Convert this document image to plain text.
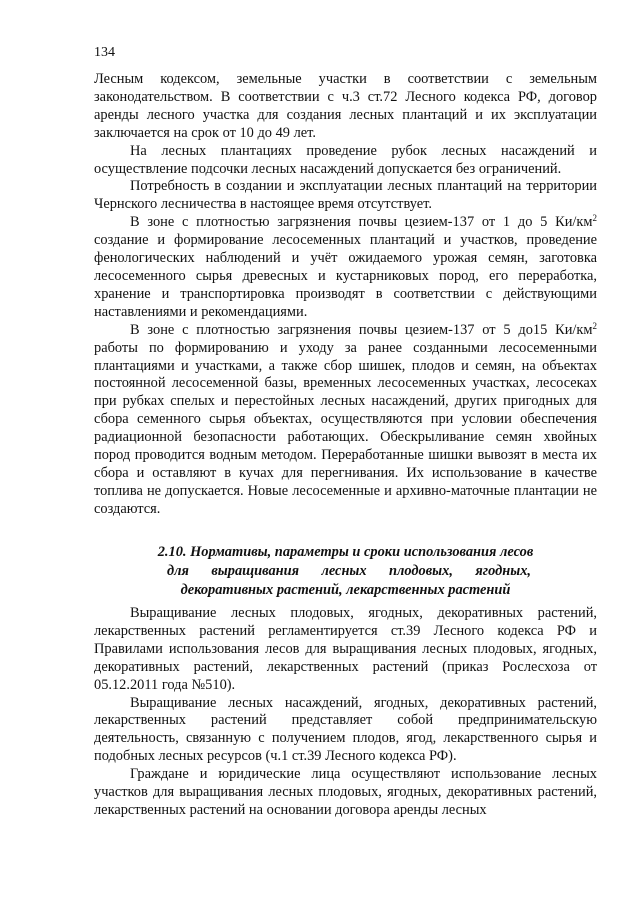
134

Лесным кодексом, земельные участки в соответствии с земельным законодательством. В соответствии с ч.3 ст.72 Лесного кодекса РФ, договор аренды лесного участка для создания лесных плантаций и их эксплуатации заключается на срок от 10 до 49 лет.

На лесных плантациях проведение рубок лесных насаждений и осуществление подсочки лесных насаждений допускается без ограничений.

Потребность в создании и эксплуатации лесных плантаций на территории Чернского лесничества в настоящее время отсутствует.

В зоне с плотностью загрязнения почвы цезием-137 от 1 до 5 $Ки/км^2$ создание и формирование лесосеменных плантаций и участков, проведение фенологических наблюдений и учёт ожидаемого урожая семян, заготовка лесосеменного сырья древесных и кустарниковых пород, его переработка, хранение и транспортировка производят в соответствии с действующими наставлениями и рекомендациями.

В зоне с плотностью загрязнения почвы цезием-137 от 5 до15 $Ки/км^2$ работы по формированию и уходу за ранее созданными лесосеменными плантациями и участками, а также сбор шишек, плодов и семян, на объектах постоянной лесосеменной базы, временных лесосеменных участках, лесосеках при рубках спелых и перестойных лесных насаждений, других пригодных для сбора семенного сырья объектах, осуществляются при условии обеспечения радиационной безопасности работающих. Обескрыливание семян хвойных пород проводится водным методом. Переработанные шишки вывозят в места их сбора и оставляют в кучах для перегнивания. Их использование в качестве топлива не допускается. Новые лесосеменные и архивно-маточные плантации не создаются.

2.10. Нормативы, параметры и сроки использования лесов
для выращивания лесных плодовых, ягодных,
декоративных растений, лекарственных растений

Выращивание лесных плодовых, ягодных, декоративных растений, лекарственных растений регламентируется ст.39 Лесного кодекса РФ и Правилами использования лесов для выращивания лесных плодовых, ягодных, декоративных растений, лекарственных растений (приказ Рослесхоза от 05.12.2011 года №510).

Выращивание лесных насаждений, ягодных, декоративных растений, лекарственных растений представляет собой предпринимательскую деятельность, связанную с получением плодов, ягод, лекарственного сырья и подобных лесных ресурсов (ч.1 ст.39 Лесного кодекса РФ).

Граждане и юридические лица осуществляют использование лесных участков для выращивания лесных плодовых, ягодных, декоративных растений, лекарственных растений на основании договора аренды лесных
